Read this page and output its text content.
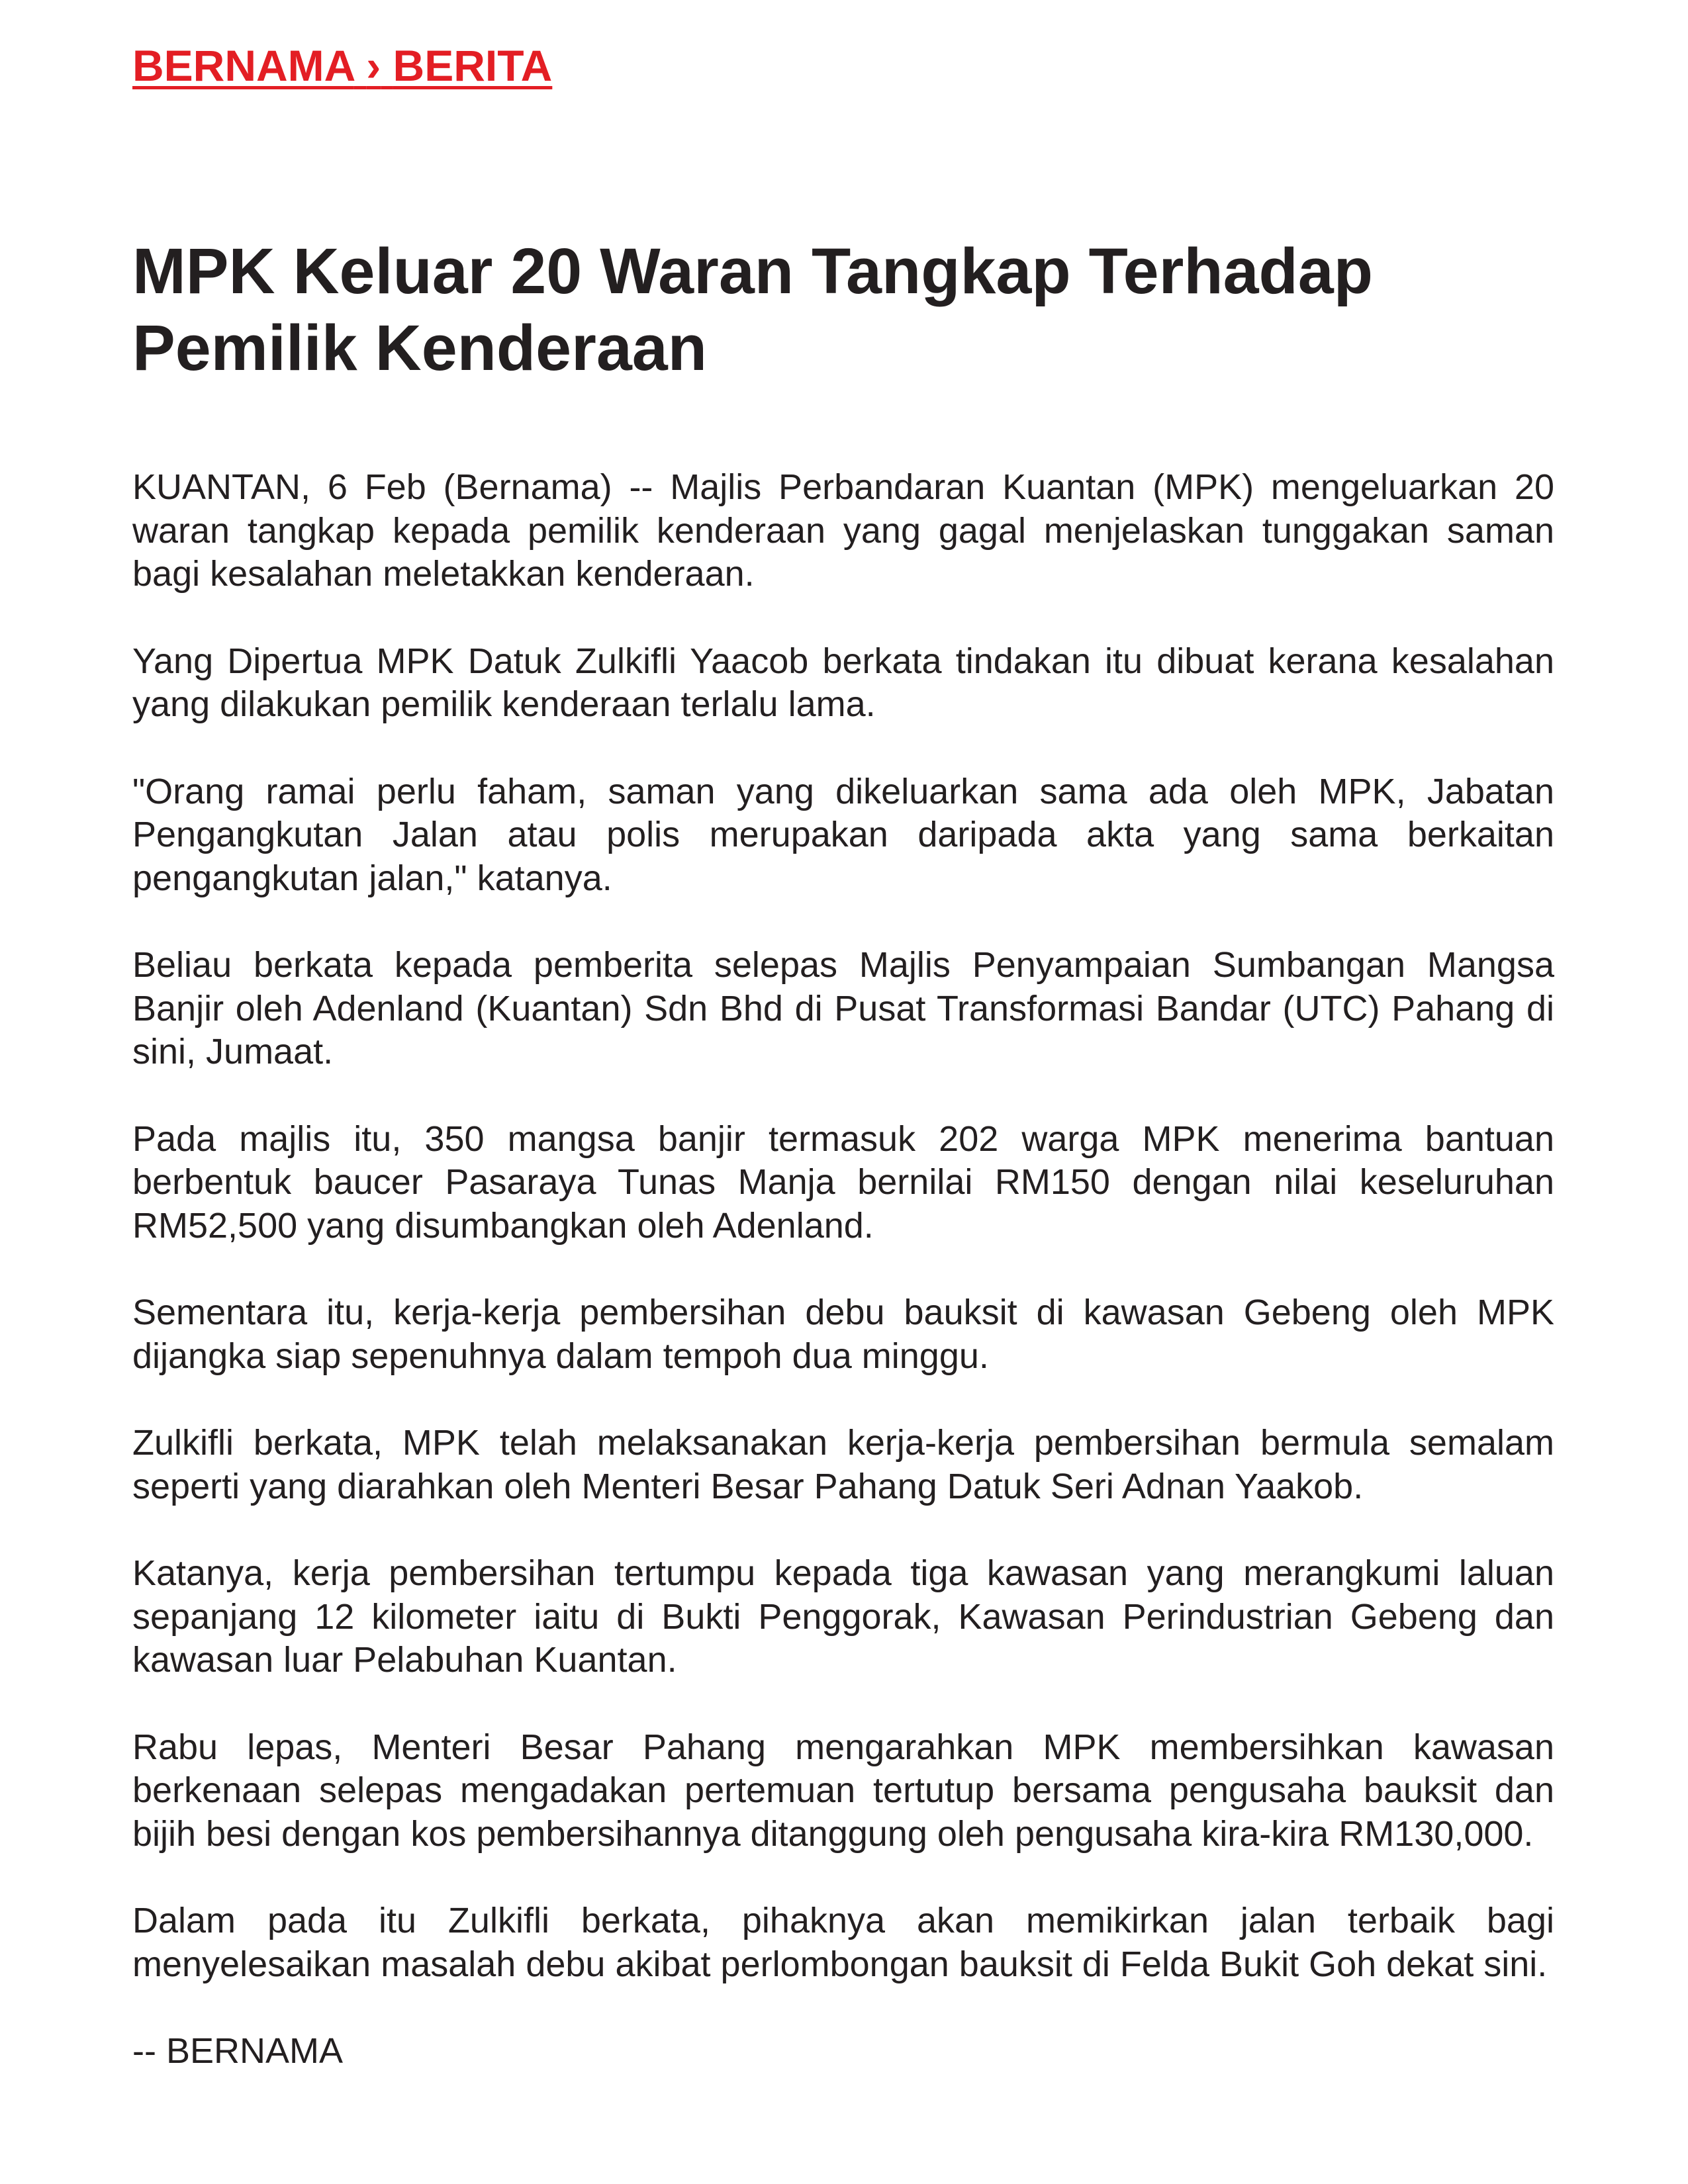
BERNAMA › BERITA
MPK Keluar 20 Waran Tangkap Terhadap Pemilik Kenderaan

KUANTAN, 6 Feb (Bernama) -- Majlis Perbandaran Kuantan (MPK) mengeluarkan 20 waran tangkap kepada pemilik kenderaan yang gagal menjelaskan tunggakan saman bagi kesalahan meletakkan kenderaan.

Yang Dipertua MPK Datuk Zulkifli Yaacob berkata tindakan itu dibuat kerana kesalahan yang dilakukan pemilik kenderaan terlalu lama.

"Orang ramai perlu faham, saman yang dikeluarkan sama ada oleh MPK, Jabatan Pengangkutan Jalan atau polis merupakan daripada akta yang sama berkaitan pengangkutan jalan," katanya.

Beliau berkata kepada pemberita selepas Majlis Penyampaian Sumbangan Mangsa Banjir oleh Adenland (Kuantan) Sdn Bhd di Pusat Transformasi Bandar (UTC) Pahang di sini, Jumaat.

Pada majlis itu, 350 mangsa banjir termasuk 202 warga MPK menerima bantuan berbentuk baucer Pasaraya Tunas Manja bernilai RM150 dengan nilai keseluruhan RM52,500 yang disumbangkan oleh Adenland.

Sementara itu, kerja-kerja pembersihan debu bauksit di kawasan Gebeng oleh MPK dijangka siap sepenuhnya dalam tempoh dua minggu.

Zulkifli berkata, MPK telah melaksanakan kerja-kerja pembersihan bermula semalam seperti yang diarahkan oleh Menteri Besar Pahang Datuk Seri Adnan Yaakob.

Katanya, kerja pembersihan tertumpu kepada tiga kawasan yang merangkumi laluan sepanjang 12 kilometer iaitu di Bukti Penggorak, Kawasan Perindustrian Gebeng dan kawasan luar Pelabuhan Kuantan.

Rabu lepas, Menteri Besar Pahang mengarahkan MPK membersihkan kawasan berkenaan selepas mengadakan pertemuan tertutup bersama pengusaha bauksit dan bijih besi dengan kos pembersihannya ditanggung oleh pengusaha kira-kira RM130,000.

Dalam pada itu Zulkifli berkata, pihaknya akan memikirkan jalan terbaik bagi menyelesaikan masalah debu akibat perlombongan bauksit di Felda Bukit Goh dekat sini.

-- BERNAMA
